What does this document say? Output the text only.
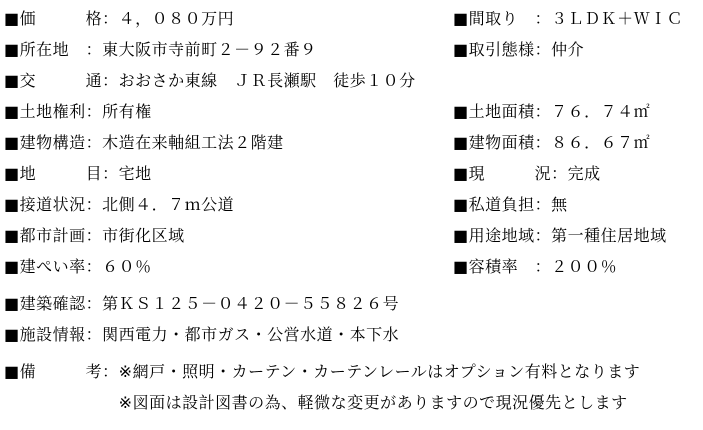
■価　　　格： ４，０８０万円
■所在地　： 東大阪市寺前町２－９２番９
■交　　　通： おおさか東線　ＪＲ長瀬駅　徒歩１０分
■土地権利： 所有権
■建物構造： 木造在来軸組工法２階建
■地　　　目： 宅地
■接道状況： 北側４．７ｍ公道
■都市計画： 市街化区域
■建ぺい率： ６０％
■建築確認： 第ＫＳ１２５－０４２０－５５８２６号
■施設情報： 関西電力・都市ガス・公営水道・本下水
■備　　　考： ※網戸・照明・カーテン・カーテンレールはオプション有料となります
※図面は設計図書の為、軽微な変更がありますので現況優先とします
■間取り　： ３ＬＤＫ＋ＷＩＣ
■取引態様： 仲介
■土地面積： ７６．７４㎡
■建物面積： ８６．６７㎡
■現　　　況： 完成
■私道負担： 無
■用途地域： 第一種住居地域
■容積率　： ２００％
